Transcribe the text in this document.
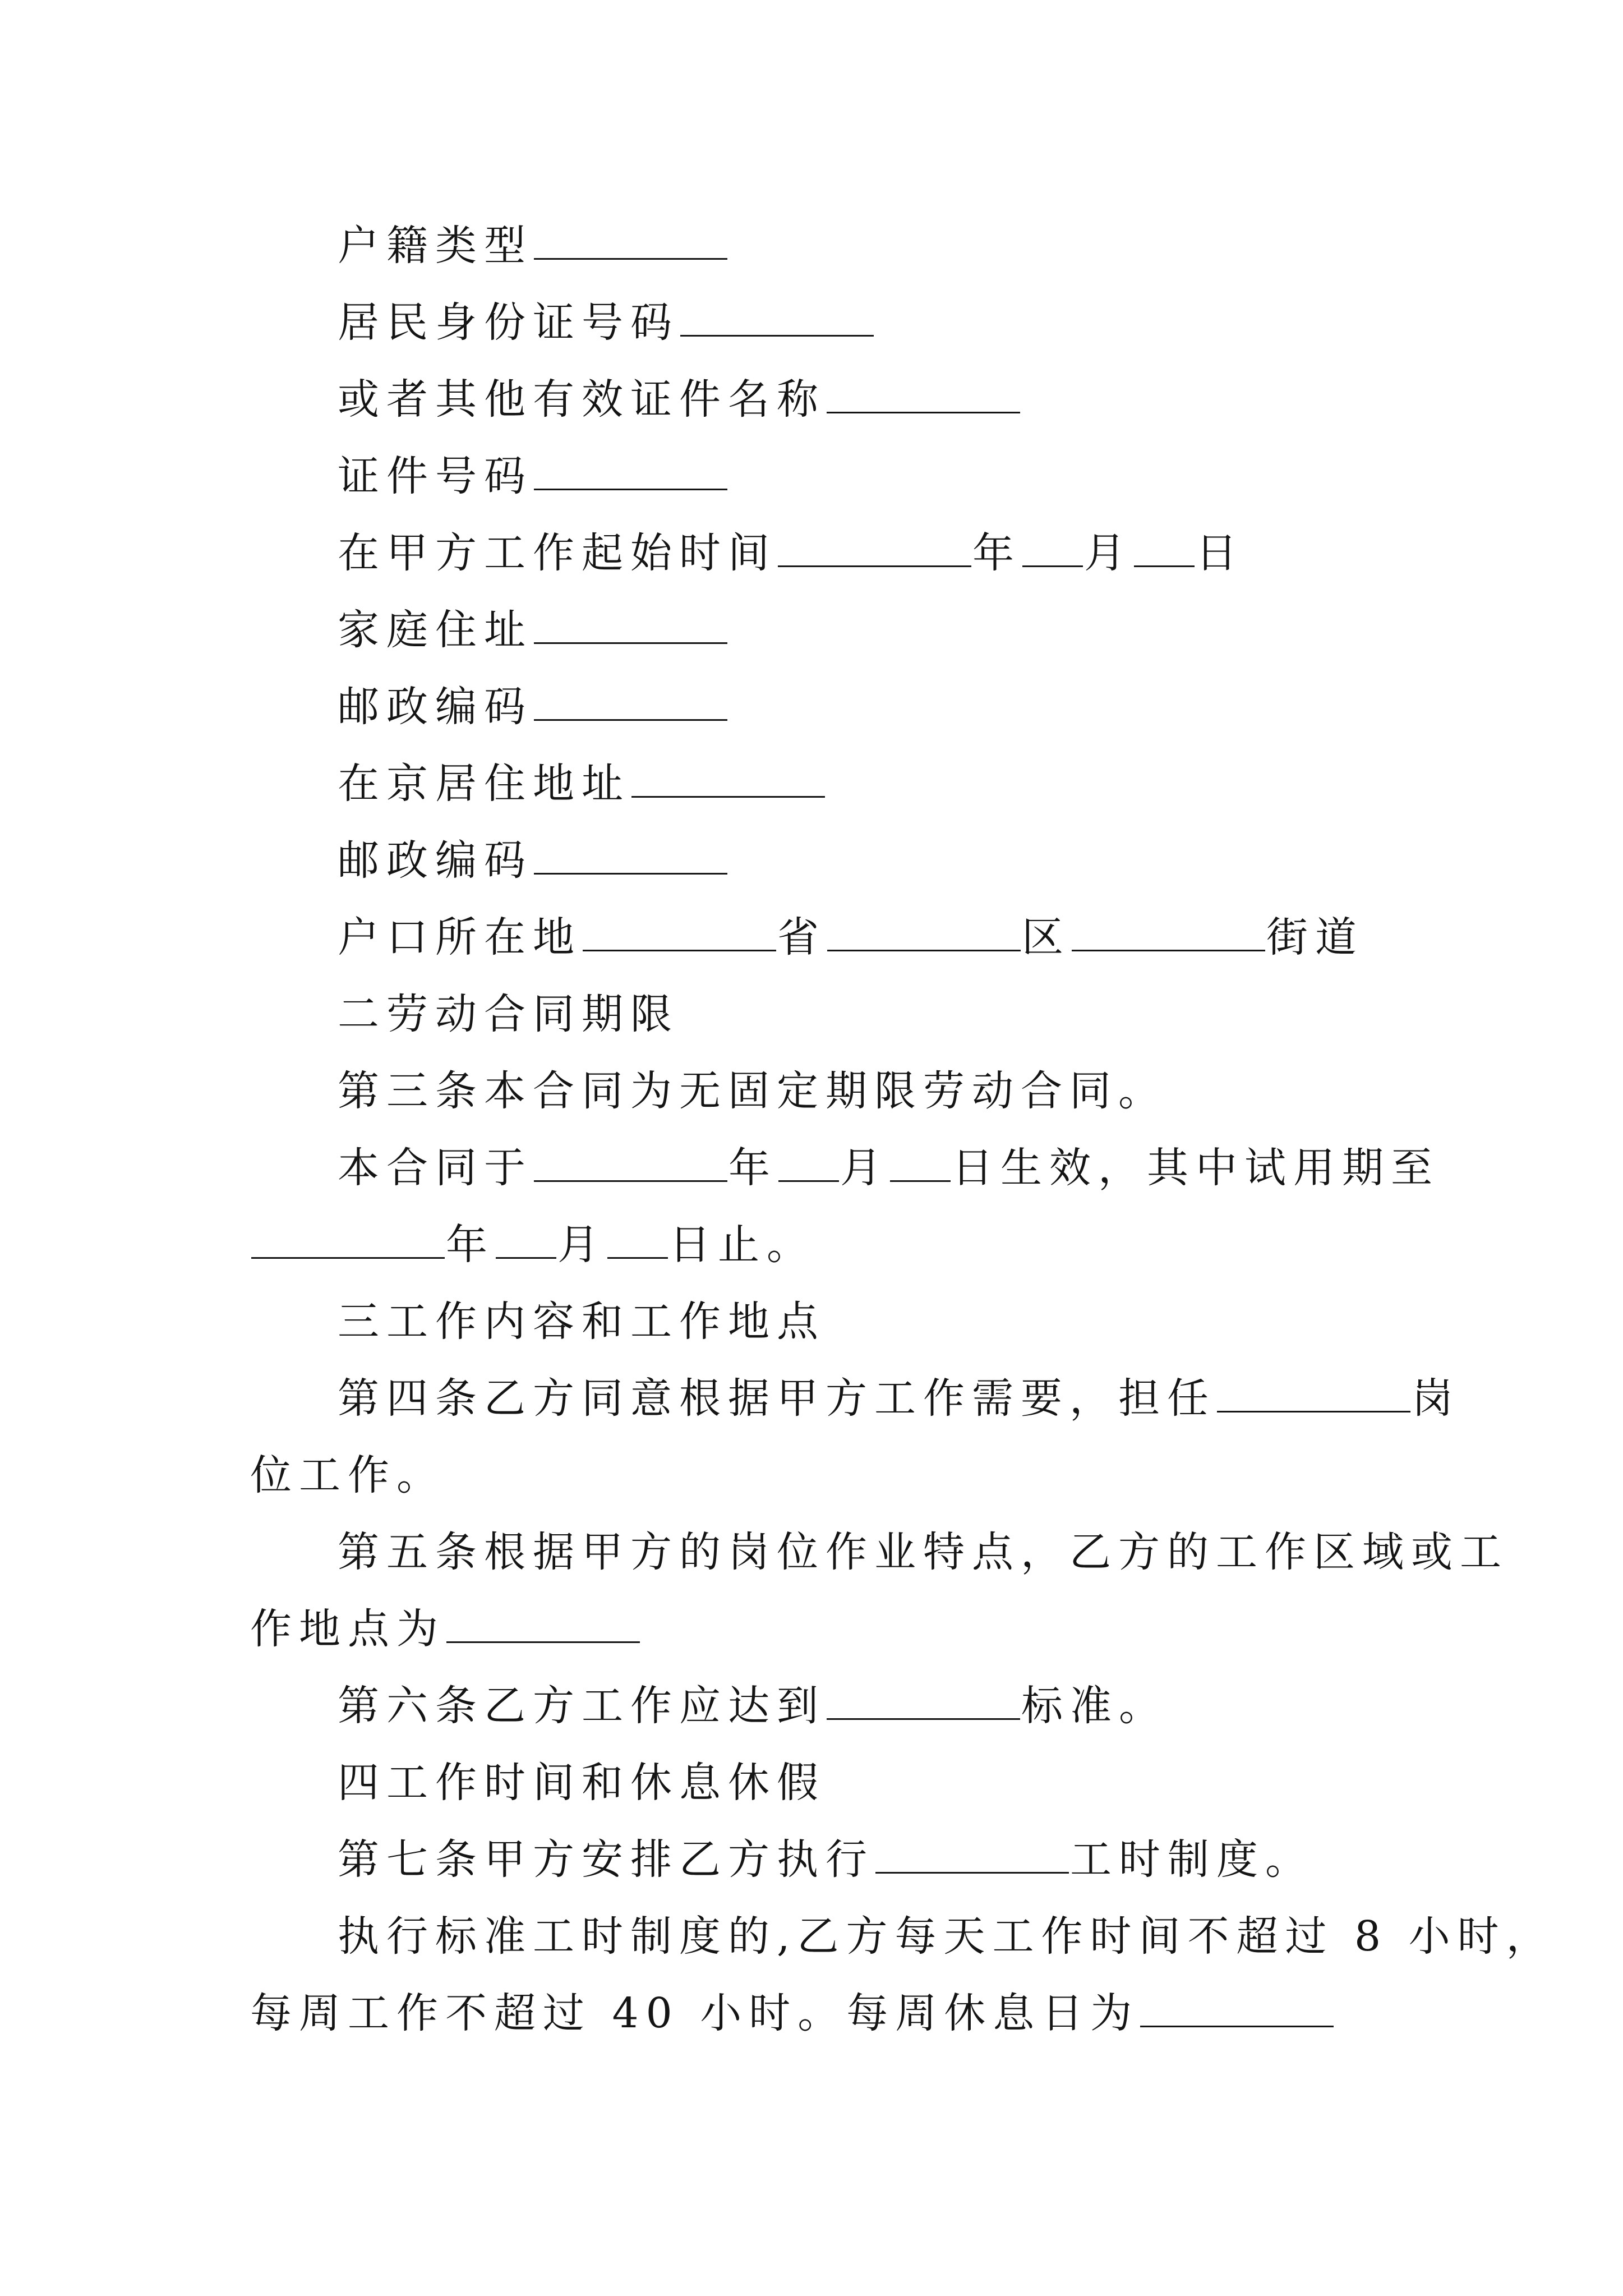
户籍类型
居民身份证号码
或者其他有效证件名称
证件号码
在甲方工作起始时间	年 月 日
家庭住址
邮政编码
在京居住地址
邮政编码
户口所在地	省	区	街道
二劳动合同期限
第三条本合同为无固定期限劳动合同。
本合同于	年 月 日生效，其中试用期至
年 月 日止。
三工作内容和工作地点
第四条乙方同意根据甲方工作需要，担任	岗
位工作。
第五条根据甲方的岗位作业特点，乙方的工作区域或工
作地点为
第六条乙方工作应达到	标准。
四工作时间和休息休假
第七条甲方安排乙方执行	工时制度。
执行标准工时制度的,乙方每天工作时间不超过 8 小时，
每周工作不超过 40 小时。每周休息日为
